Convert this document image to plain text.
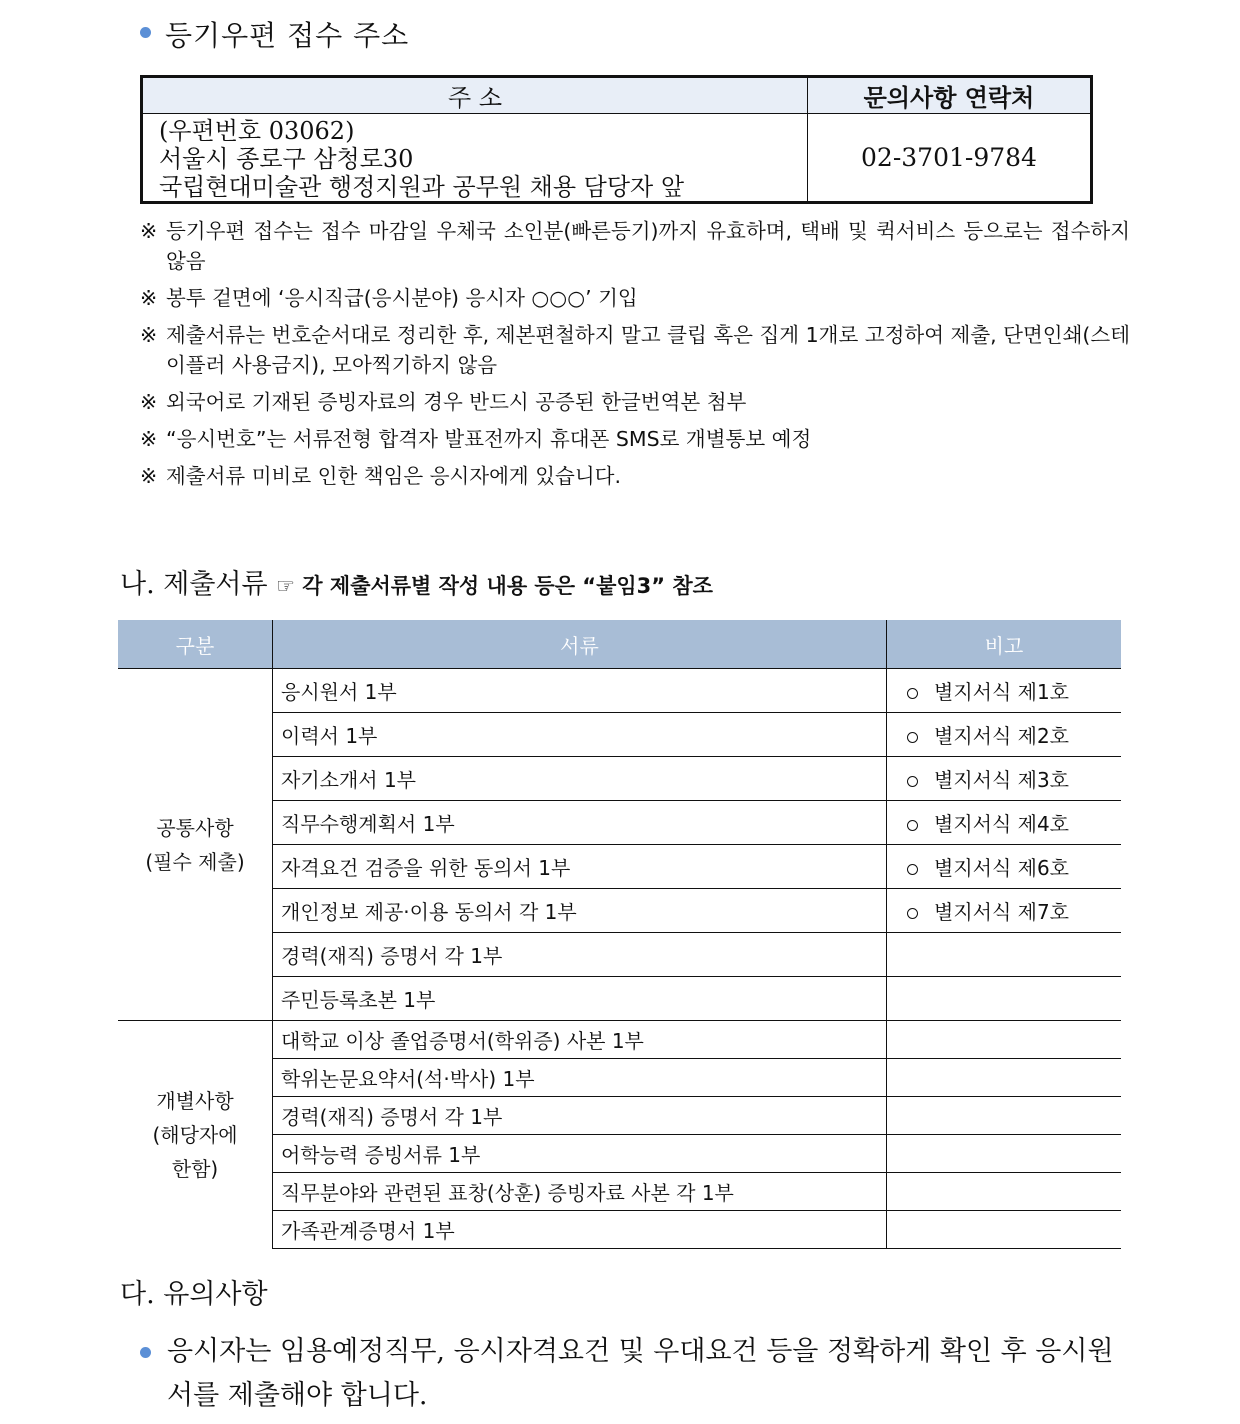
등기우편 접수 주소
주 소	문의사항 연락처

(우편번호 03062)
서울시 종로구 삼청로30
국립현대미술관 행정지원과 공무원 채용 담당자 앞	02-3701-9784
※ 등기우편 접수는 접수 마감일 우체국 소인분(빠른등기)까지 유효하며, 택배 및 퀵서비스 등으로는 접수하지 않음
※ 봉투 겉면에 ‘응시직급(응시분야) 응시자 ○○○’ 기입
※ 제출서류는 번호순서대로 정리한 후, 제본편철하지 말고 클립 혹은 집게 1개로 고정하여 제출, 단면인쇄(스테이플러 사용금지), 모아찍기하지 않음
※ 외국어로 기재된 증빙자료의 경우 반드시 공증된 한글번역본 첨부
※ “응시번호”는 서류전형 합격자 발표전까지 휴대폰 SMS로 개별통보 예정
※ 제출서류 미비로 인한 책임은 응시자에게 있습니다.
나. 제출서류 ☞ 각 제출서류별 작성 내용 등은 “붙임3” 참조
구분	서류	비고

공통사항
(필수 제출)	응시원서 1부	별지서식 제1호
	이력서 1부	별지서식 제2호
	자기소개서 1부	별지서식 제3호
	직무수행계획서 1부	별지서식 제4호
	자격요건 검증을 위한 동의서 1부	별지서식 제6호
	개인정보 제공·이용 동의서 각 1부	별지서식 제7호
	경력(재직) 증명서 각 1부	
	주민등록초본 1부	

개별사항
(해당자에
한함)	대학교 이상 졸업증명서(학위증) 사본 1부	
	학위논문요약서(석·박사) 1부	
	경력(재직) 증명서 각 1부	
	어학능력 증빙서류 1부	
	직무분야와 관련된 표창(상훈) 증빙자료 사본 각 1부	
	가족관계증명서 1부	
다. 유의사항
응시자는 임용예정직무, 응시자격요건 및 우대요건 등을 정확하게 확인 후 응시원서를 제출해야 합니다.
